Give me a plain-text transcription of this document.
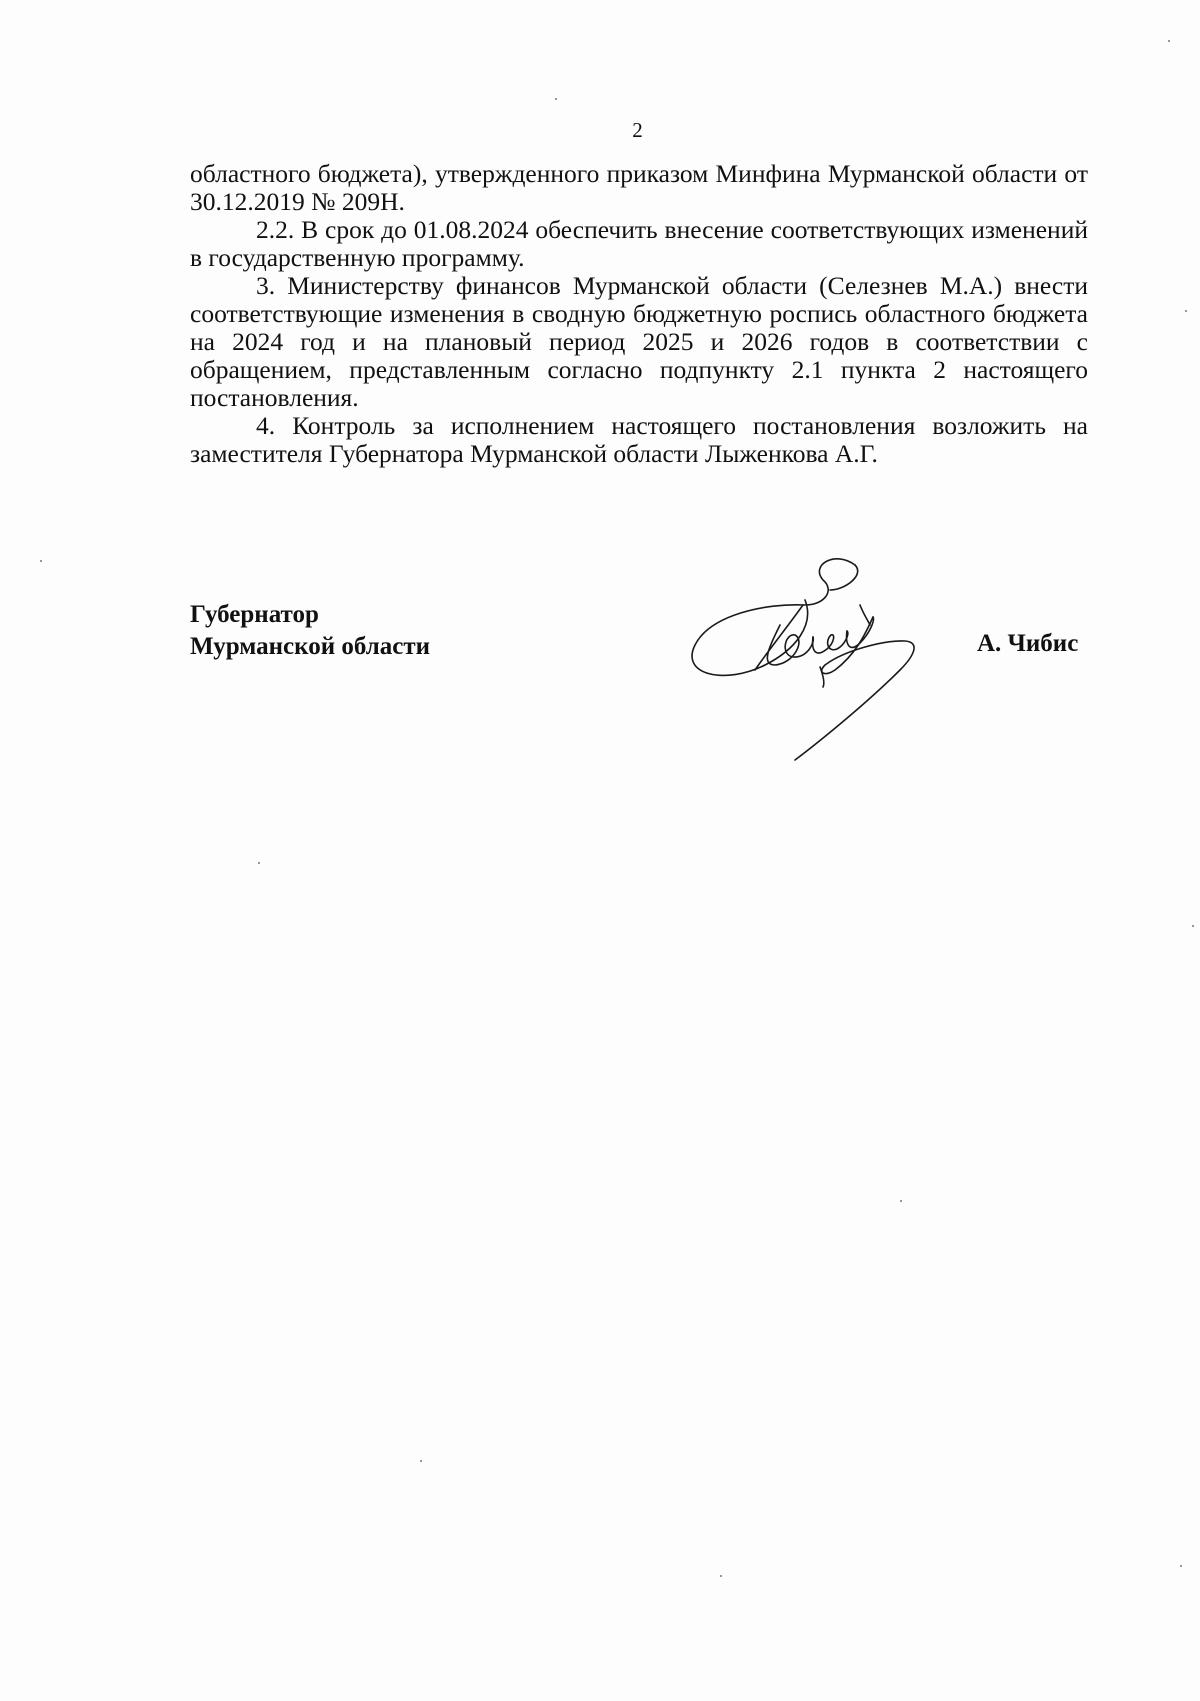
2

областного бюджета), утвержденного приказом Минфина Мурманской области от 30.12.2019 № 209Н.

2.2. В срок до 01.08.2024 обеспечить внесение соответствующих изменений в государственную программу.

3. Министерству финансов Мурманской области (Селезнев М.А.) внести соответствующие изменения в сводную бюджетную роспись областного бюджета на 2024 год и на плановый период 2025 и 2026 годов в соответствии с обращением, представленным согласно подпункту 2.1 пункта 2 настоящего постановления.

4. Контроль за исполнением настоящего постановления возложить на заместителя Губернатора Мурманской области Лыженкова А.Г.

Губернатор
Мурманской области	А. Чибис
